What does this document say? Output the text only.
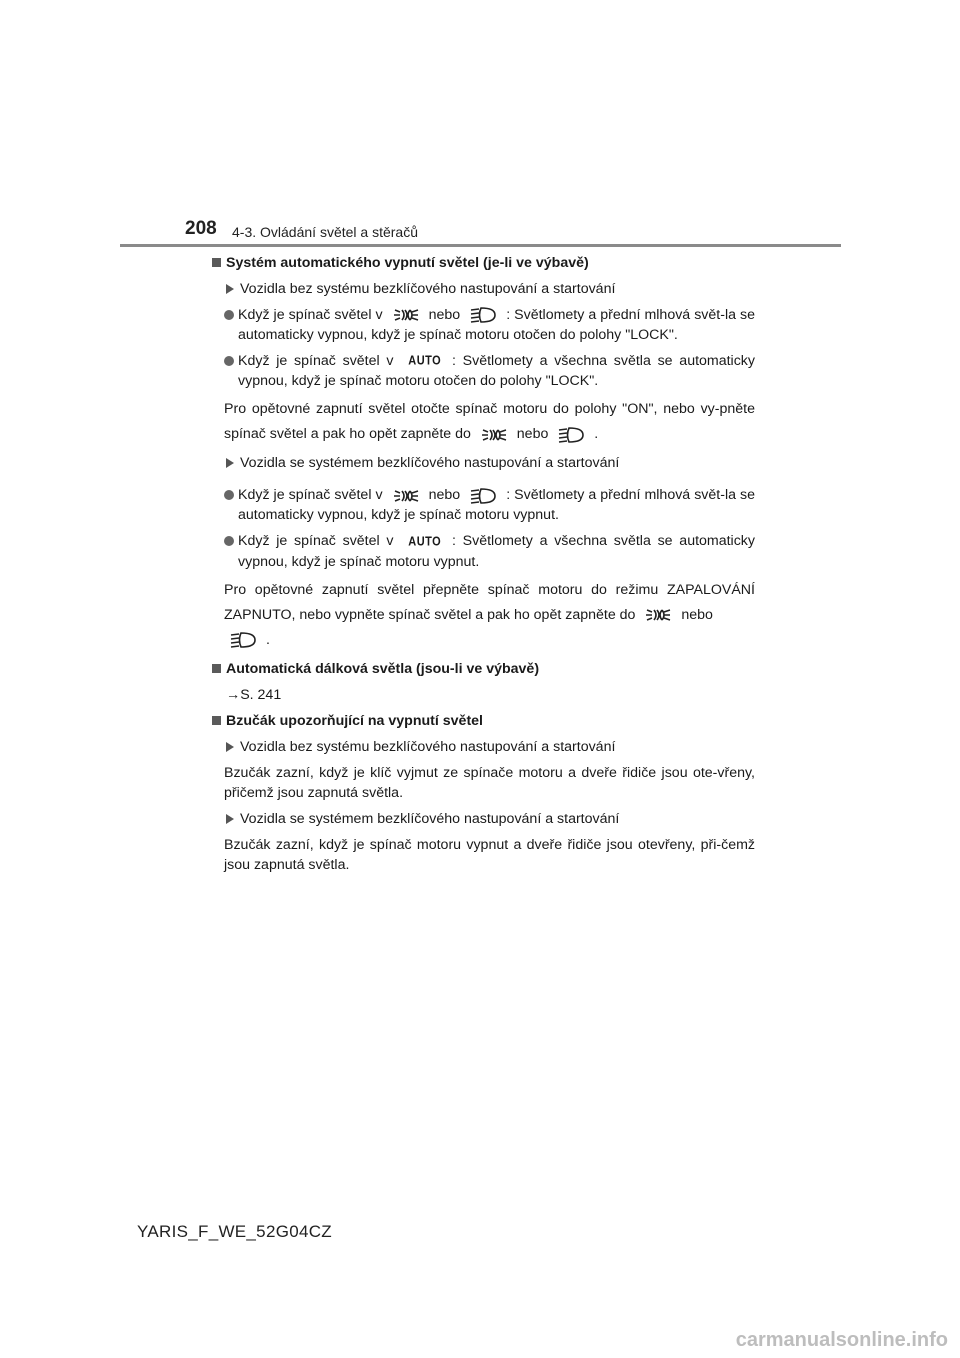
208 4-3. Ovládání světel a stěračů
Systém automatického vypnutí světel (je-li ve výbavě)
Vozidla bez systému bezklíčového nastupování a startování
Když je spínač světel v	nebo	: Světlomety a přední mlhová svět-la se automaticky vypnou, když je spínač motoru otočen do polohy "LOCK".
Když je spínač světel v AUTO : Světlomety a všechna světla se automaticky vypnou, když je spínač motoru otočen do polohy "LOCK".
Pro opětovné zapnutí světel otočte spínač motoru do polohy "ON", nebo vy-pněte spínač světel a pak ho opět zapněte do	nebo	.
Vozidla se systémem bezklíčového nastupování a startování
Když je spínač světel v	nebo	: Světlomety a přední mlhová svět-la se automaticky vypnou, když je spínač motoru vypnut.
Když je spínač světel v AUTO : Světlomety a všechna světla se automaticky vypnou, když je spínač motoru vypnut.
Pro opětovné zapnutí světel přepněte spínač motoru do režimu ZAPALOVÁNÍ ZAPNUTO, nebo vypněte spínač světel a pak ho opět zapněte do	nebo

.
Automatická dálková světla (jsou-li ve výbavě)
→S. 241
Bzučák upozorňující na vypnutí světel
Vozidla bez systému bezklíčového nastupování a startování
Bzučák zazní, když je klíč vyjmut ze spínače motoru a dveře řidiče jsou ote-vřeny, přičemž jsou zapnutá světla.
Vozidla se systémem bezklíčového nastupování a startování
Bzučák zazní, když je spínač motoru vypnut a dveře řidiče jsou otevřeny, při-čemž jsou zapnutá světla.
YARIS_F_WE_52G04CZ
carmanualsonline.info
